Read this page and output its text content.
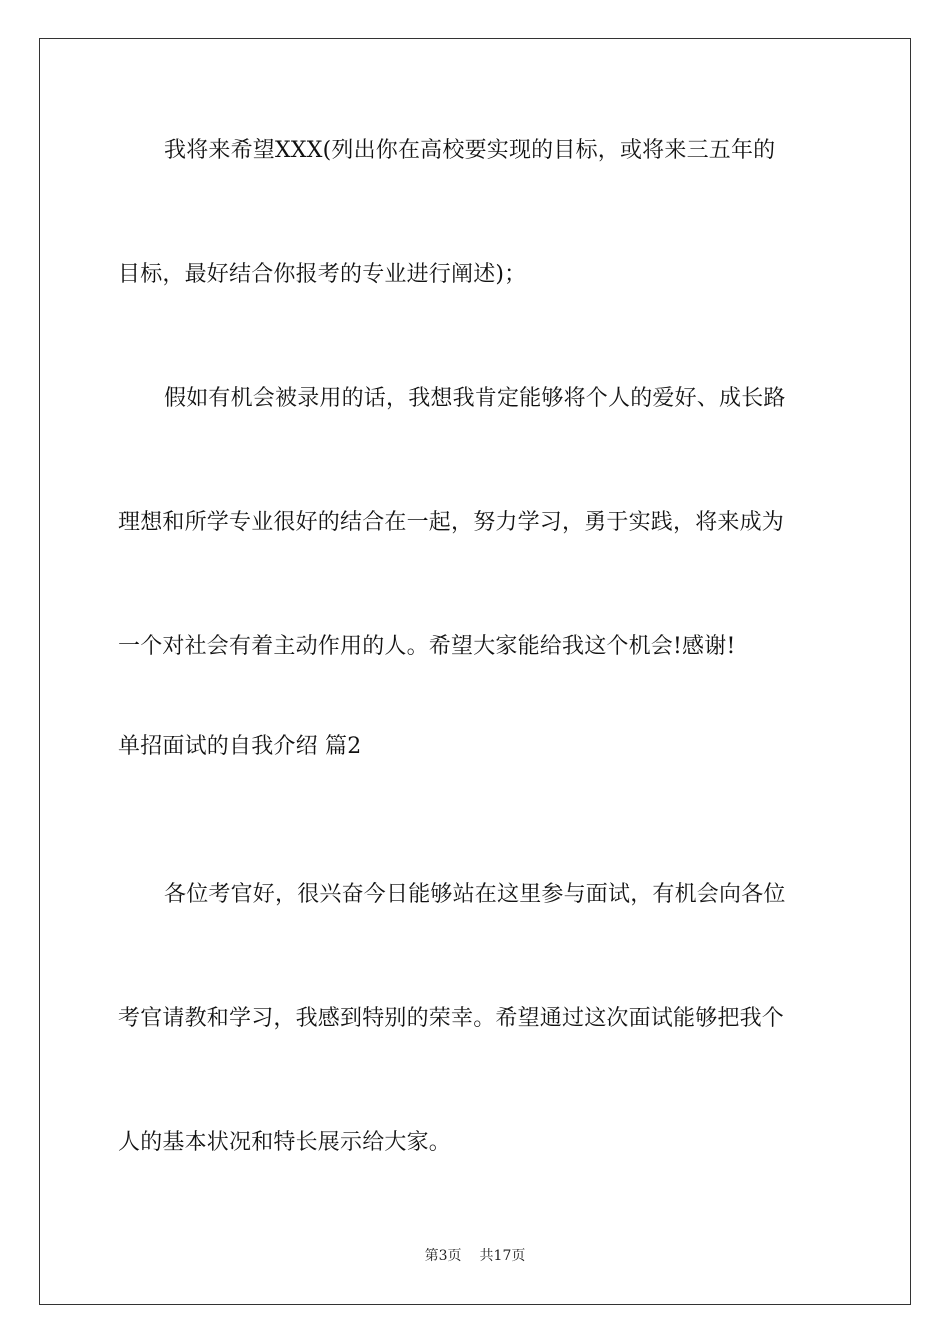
我将来希望XXX(列出你在高校要实现的目标，或将来三五年的
目标，最好结合你报考的专业进行阐述)；
假如有机会被录用的话，我想我肯定能够将个人的爱好、成长路
理想和所学专业很好的结合在一起，努力学习，勇于实践，将来成为
一个对社会有着主动作用的人。希望大家能给我这个机会!感谢!
单招面试的自我介绍 篇2
各位考官好，很兴奋今日能够站在这里参与面试，有机会向各位
考官请教和学习，我感到特别的荣幸。希望通过这次面试能够把我个
人的基本状况和特长展示给大家。
第3页 共17页
